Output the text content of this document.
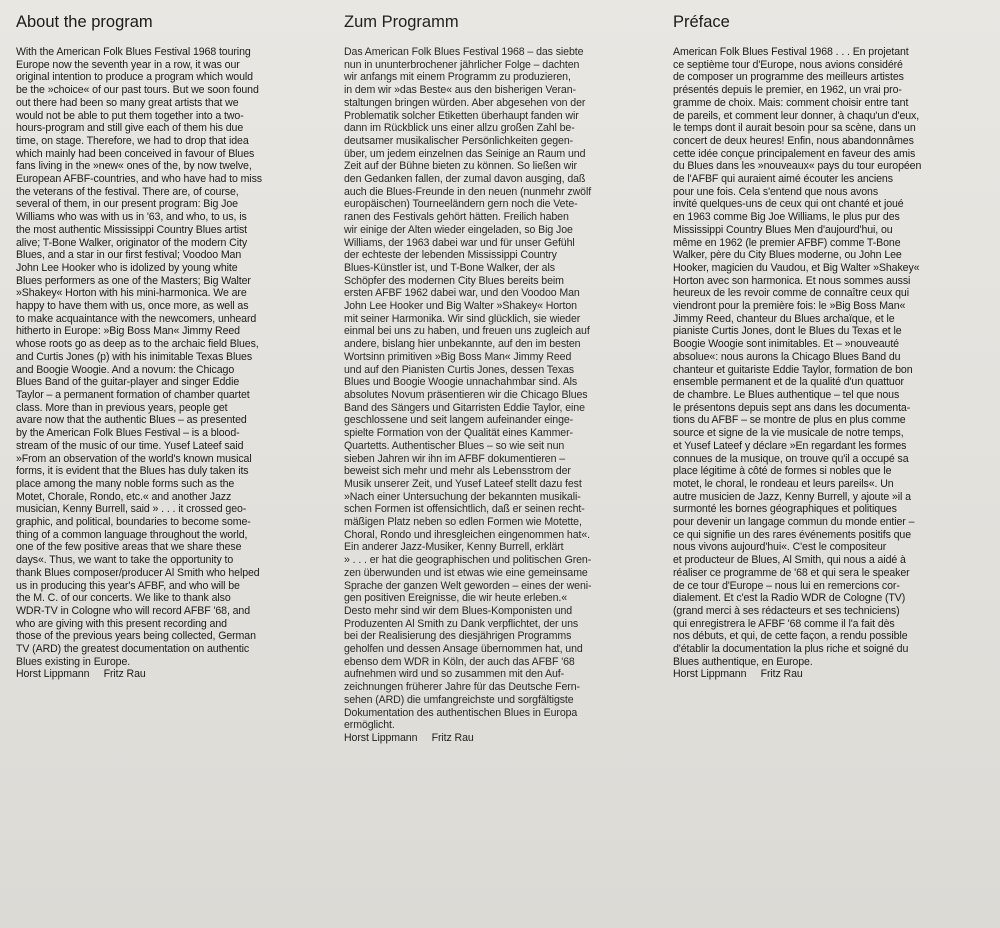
About the program

With the American Folk Blues Festival 1968 touring
Europe now the seventh year in a row, it was our
original intention to produce a program which would
be the »choice« of our past tours. But we soon found
out there had been so many great artists that we
would not be able to put them together into a two-
hours-program and still give each of them his due
time, on stage. Therefore, we had to drop that idea
which mainly had been conceived in favour of Blues
fans living in the »new« ones of the, by now twelve,
European AFBF-countries, and who have had to miss
the veterans of the festival. There are, of course,
several of them, in our present program: Big Joe
Williams who was with us in '63, and who, to us, is
the most authentic Mississippi Country Blues artist
alive; T-Bone Walker, originator of the modern City
Blues, and a star in our first festival; Voodoo Man
John Lee Hooker who is idolized by young white
Blues performers as one of the Masters; Big Walter
»Shakey« Horton with his mini-harmonica. We are
happy to have them with us, once more, as well as
to make acquaintance with the newcomers, unheard
hitherto in Europe: »Big Boss Man« Jimmy Reed
whose roots go as deep as to the archaic field Blues,
and Curtis Jones (p) with his inimitable Texas Blues
and Boogie Woogie. And a novum: the Chicago
Blues Band of the guitar-player and singer Eddie
Taylor – a permanent formation of chamber quartet
class. More than in previous years, people get
avare now that the authentic Blues – as presented
by the American Folk Blues Festival – is a blood-
stream of the music of our time. Yusef Lateef said
»From an observation of the world's known musical
forms, it is evident that the Blues has duly taken its
place among the many noble forms such as the
Motet, Chorale, Rondo, etc.« and another Jazz
musician, Kenny Burrell, said » . . . it crossed geo-
graphic, and political, boundaries to become some-
thing of a common language throughout the world,
one of the few positive areas that we share these
days«. Thus, we want to take the opportunity to
thank Blues composer/producer Al Smith who helped
us in producing this year's AFBF, and who will be
the M. C. of our concerts. We like to thank also
WDR-TV in Cologne who will record AFBF '68, and
who are giving with this present recording and
those of the previous years being collected, German
TV (ARD) the greatest documentation on authentic
Blues existing in Europe.

Horst Lippmann     Fritz Rau

Zum Programm

Das American Folk Blues Festival 1968 – das siebte
nun in ununterbrochener jährlicher Folge – dachten
wir anfangs mit einem Programm zu produzieren,
in dem wir »das Beste« aus den bisherigen Veran-
staltungen bringen würden. Aber abgesehen von der
Problematik solcher Etiketten überhaupt fanden wir
dann im Rückblick uns einer allzu großen Zahl be-
deutsamer musikalischer Persönlichkeiten gegen-
über, um jedem einzelnen das Seinige an Raum und
Zeit auf der Bühne bieten zu können. So ließen wir
den Gedanken fallen, der zumal davon ausging, daß
auch die Blues-Freunde in den neuen (nunmehr zwölf
europäischen) Tourneeländern gern noch die Vete-
ranen des Festivals gehört hätten. Freilich haben
wir einige der Alten wieder eingeladen, so Big Joe
Williams, der 1963 dabei war und für unser Gefühl
der echteste der lebenden Mississippi Country
Blues-Künstler ist, und T-Bone Walker, der als
Schöpfer des modernen City Blues bereits beim
ersten AFBF 1962 dabei war, und den Voodoo Man
John Lee Hooker und Big Walter »Shakey« Horton
mit seiner Harmonika. Wir sind glücklich, sie wieder
einmal bei uns zu haben, und freuen uns zugleich auf
andere, bislang hier unbekannte, auf den im besten
Wortsinn primitiven »Big Boss Man« Jimmy Reed
und auf den Pianisten Curtis Jones, dessen Texas
Blues und Boogie Woogie unnachahmbar sind. Als
absolutes Novum präsentieren wir die Chicago Blues
Band des Sängers und Gitarristen Eddie Taylor, eine
geschlossene und seit langem aufeinander einge-
spielte Formation von der Qualität eines Kammer-
Quartetts. Authentischer Blues – so wie seit nun
sieben Jahren wir ihn im AFBF dokumentieren –
beweist sich mehr und mehr als Lebensstrom der
Musik unserer Zeit, und Yusef Lateef stellt dazu fest
»Nach einer Untersuchung der bekannten musikali-
schen Formen ist offensichtlich, daß er seinen recht-
mäßigen Platz neben so edlen Formen wie Motette,
Choral, Rondo und ihresgleichen eingenommen hat«.
Ein anderer Jazz-Musiker, Kenny Burrell, erklärt
» . . . er hat die geographischen und politischen Gren-
zen überwunden und ist etwas wie eine gemeinsame
Sprache der ganzen Welt geworden – eines der weni-
gen positiven Ereignisse, die wir heute erleben.«
Desto mehr sind wir dem Blues-Komponisten und
Produzenten Al Smith zu Dank verpflichtet, der uns
bei der Realisierung des diesjährigen Programms
geholfen und dessen Ansage übernommen hat, und
ebenso dem WDR in Köln, der auch das AFBF '68
aufnehmen wird und so zusammen mit den Auf-
zeichnungen früherer Jahre für das Deutsche Fern-
sehen (ARD) die umfangreichste und sorgfältigste
Dokumentation des authentischen Blues in Europa
ermöglicht.

Horst Lippmann     Fritz Rau

Préface

American Folk Blues Festival 1968 . . . En projetant
ce septième tour d'Europe, nous avions considéré
de composer un programme des meilleurs artistes
présentés depuis le premier, en 1962, un vrai pro-
gramme de choix. Mais: comment choisir entre tant
de pareils, et comment leur donner, à chaqu'un d'eux,
le temps dont il aurait besoin pour sa scène, dans un
concert de deux heures! Enfin, nous abandonnâmes
cette idée conçue principalement en faveur des amis
du Blues dans les »nouveaux« pays du tour européen
de l'AFBF qui auraient aimé écouter les anciens
pour une fois. Cela s'entend que nous avons
invité quelques-uns de ceux qui ont chanté et joué
en 1963 comme Big Joe Williams, le plus pur des
Mississippi Country Blues Men d'aujourd'hui, ou
même en 1962 (le premier AFBF) comme T-Bone
Walker, père du City Blues moderne, ou John Lee
Hooker, magicien du Vaudou, et Big Walter »Shakey«
Horton avec son harmonica. Et nous sommes aussi
heureux de les revoir comme de connaître ceux qui
viendront pour la première fois: le »Big Boss Man«
Jimmy Reed, chanteur du Blues archaïque, et le
pianiste Curtis Jones, dont le Blues du Texas et le
Boogie Woogie sont inimitables. Et – »nouveauté
absolue«: nous aurons la Chicago Blues Band du
chanteur et guitariste Eddie Taylor, formation de bon
ensemble permanent et de la qualité d'un quattuor
de chambre. Le Blues authentique – tel que nous
le présentons depuis sept ans dans les documenta-
tions du AFBF – se montre de plus en plus comme
source et signe de la vie musicale de notre temps,
et Yusef Lateef y déclare »En regardant les formes
connues de la musique, on trouve qu'il a occupé sa
place légitime à côté de formes si nobles que le
motet, le choral, le rondeau et leurs pareils«. Un
autre musicien de Jazz, Kenny Burrell, y ajoute »il a
surmonté les bornes géographiques et politiques
pour devenir un langage commun du monde entier –
ce qui signifie un des rares événements positifs que
nous vivons aujourd'hui«. C'est le compositeur
et producteur de Blues, Al Smith, qui nous a aidé à
réaliser ce programme de '68 et qui sera le speaker
de ce tour d'Europe – nous lui en remercions cor-
dialement. Et c'est la Radio WDR de Cologne (TV)
(grand merci à ses rédacteurs et ses techniciens)
qui enregistrera le AFBF '68 comme il l'a fait dès
nos débuts, et qui, de cette façon, a rendu possible
d'établir la documentation la plus riche et soigné du
Blues authentique, en Europe.

Horst Lippmann     Fritz Rau
